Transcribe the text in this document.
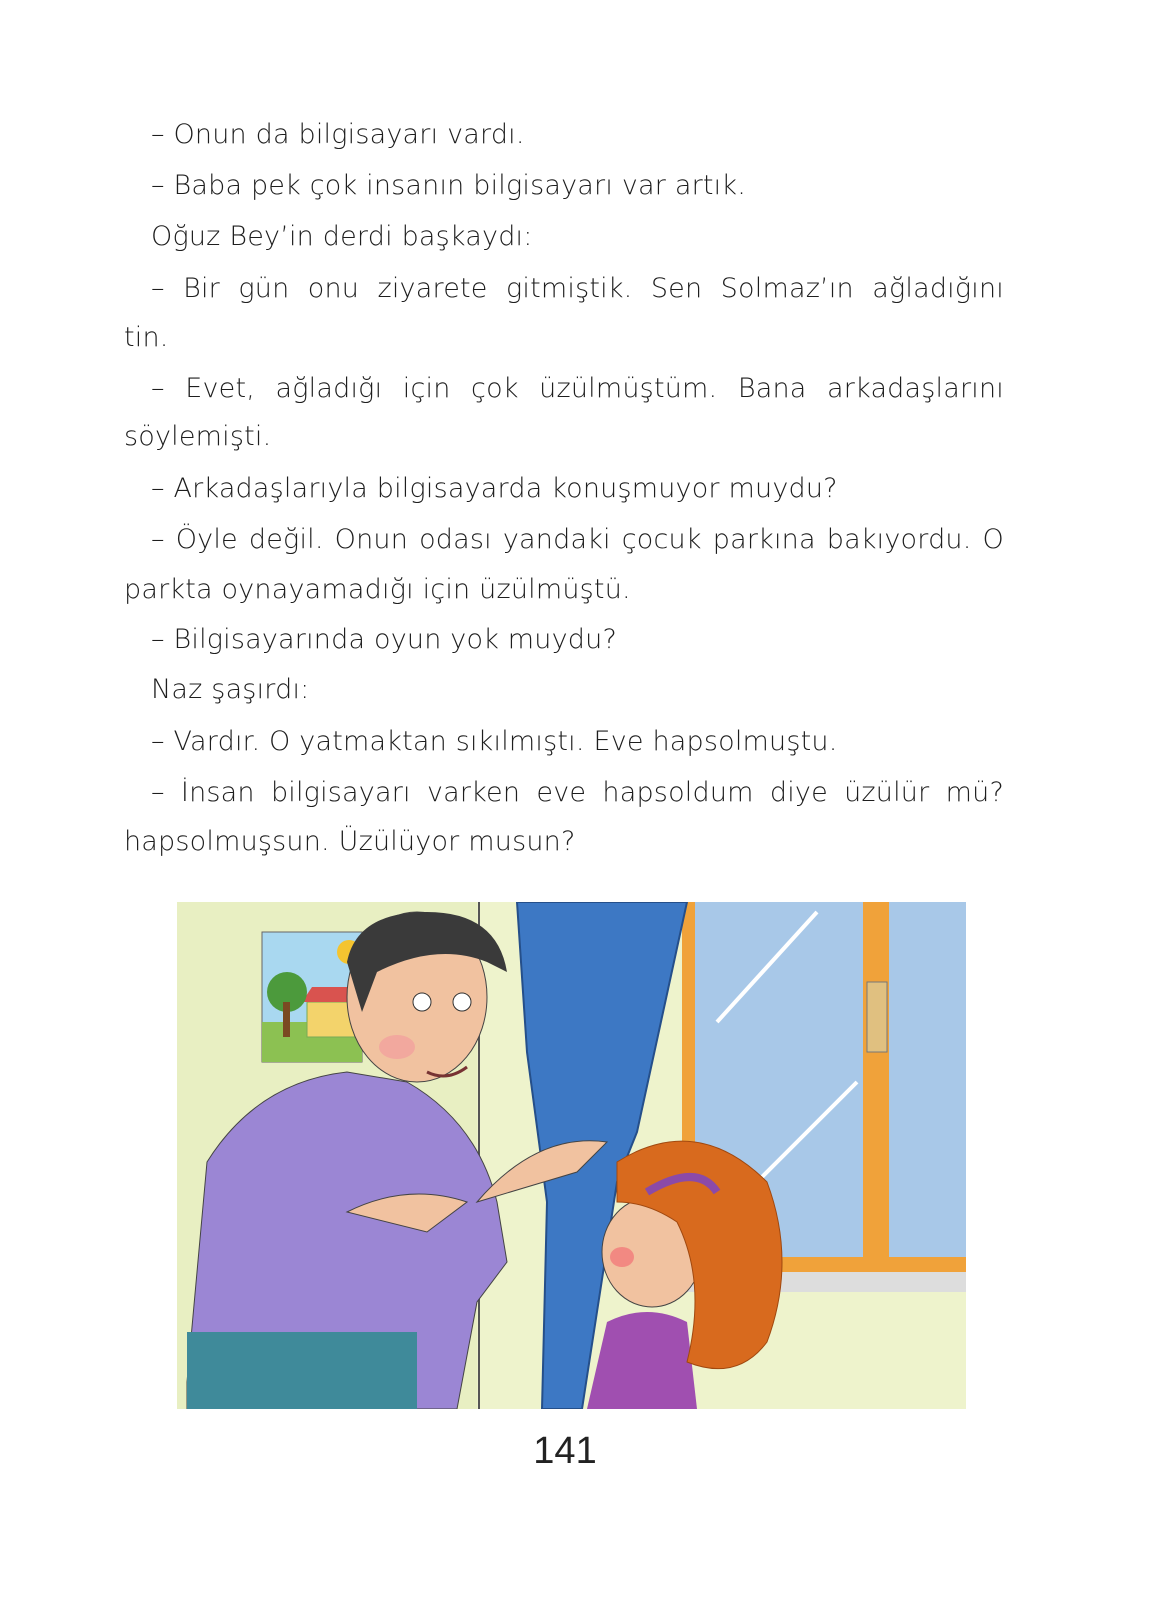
– Onun da bilgisayarı vardı.
– Baba pek çok insanın bilgisayarı var artık.
Oğuz Bey’in derdi başkaydı:
– Bir gün onu ziyarete gitmiştik. Sen Solmaz’ın ağladığını
tin.
– Evet, ağladığı için çok üzülmüştüm. Bana arkadaşlarını
söylemişti.
– Arkadaşlarıyla bilgisayarda konuşmuyor muydu?
– Öyle değil. Onun odası yandaki çocuk parkına bakıyordu. O
parkta oynayamadığı için üzülmüştü.
– Bilgisayarında oyun yok muydu?
Naz şaşırdı:
– Vardır. O yatmaktan sıkılmıştı. Eve hapsolmuştu.
– İnsan bilgisayarı varken eve hapsoldum diye üzülür mü?
hapsolmuşsun. Üzülüyor musun?
141
